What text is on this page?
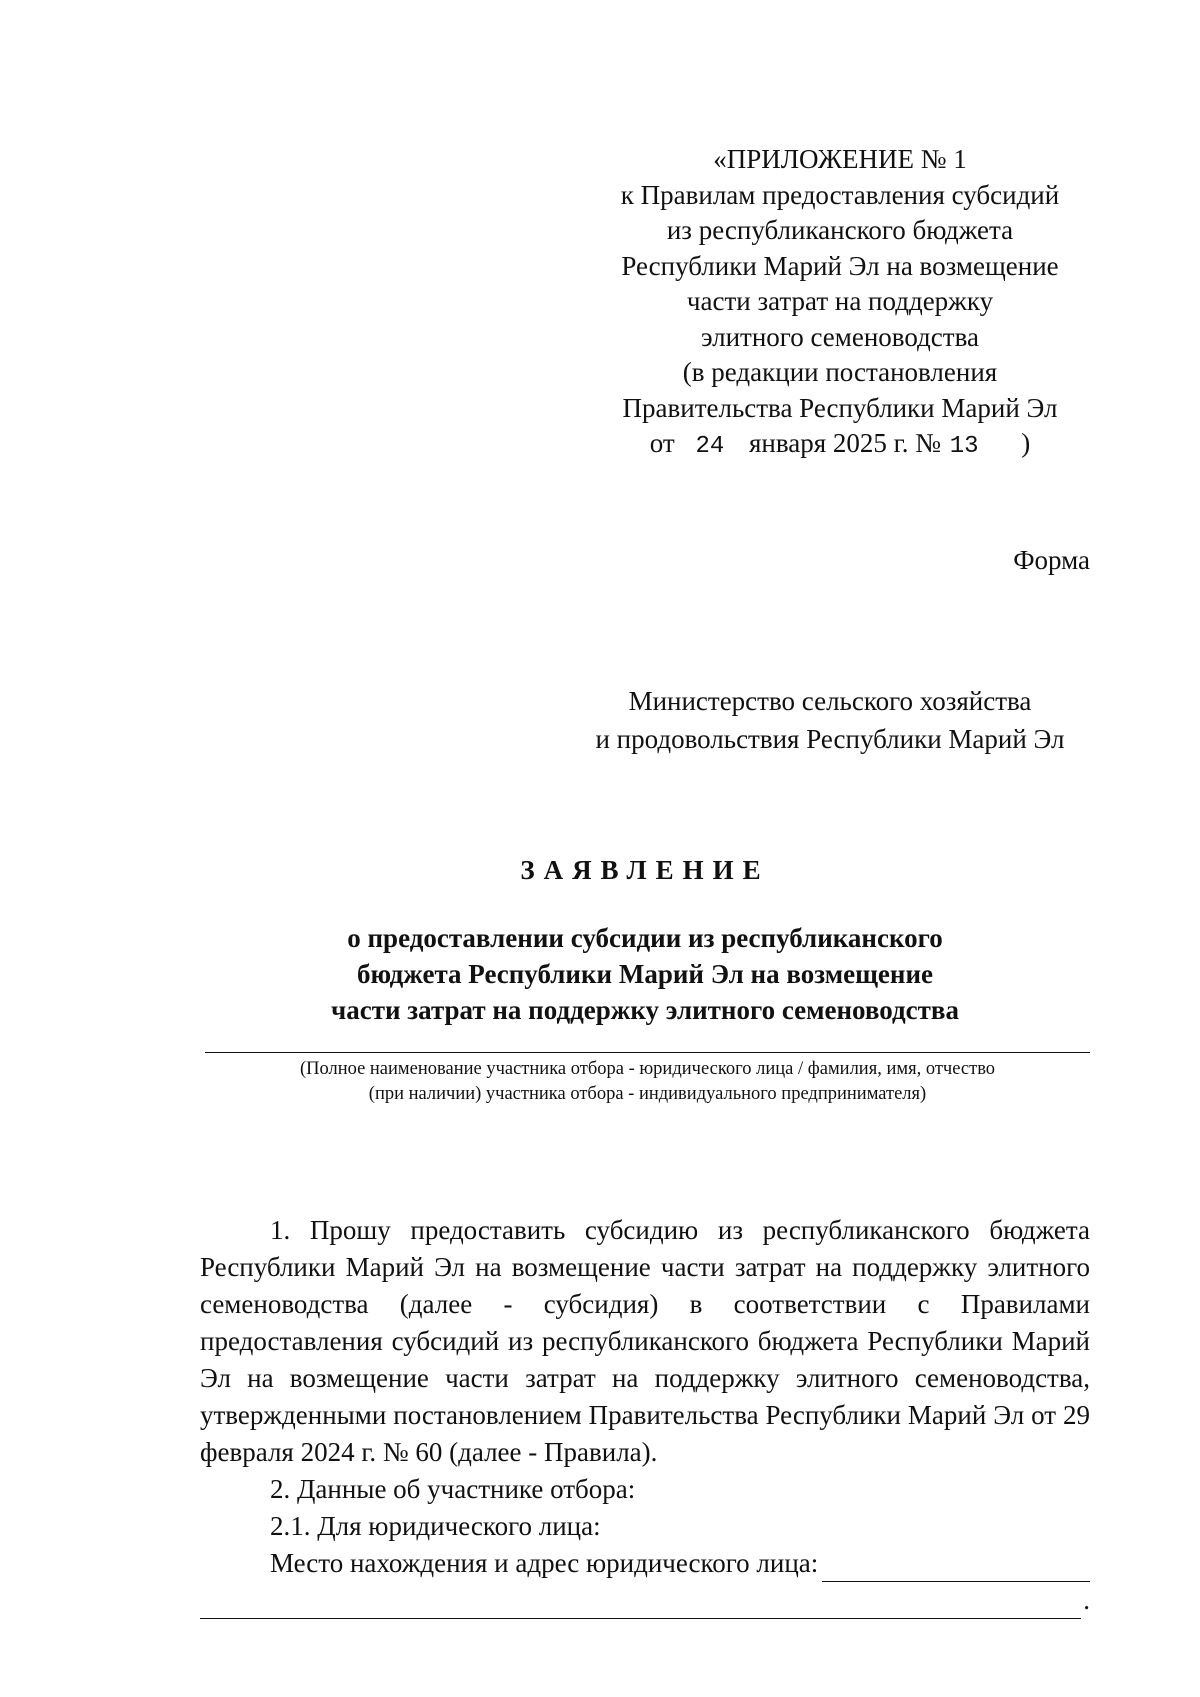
«ПРИЛОЖЕНИЕ № 1
к Правилам предоставления субсидий
из республиканского бюджета
Республики Марий Эл на возмещение
части затрат на поддержку
элитного семеноводства
(в редакции постановления
Правительства Республики Марий Эл
от 24 января 2025 г. № 13 )
Форма
Министерство сельского хозяйства
и продовольствия Республики Марий Эл
ЗАЯВЛЕНИЕ
о предоставлении субсидии из республиканского
бюджета Республики Марий Эл на возмещение
части затрат на поддержку элитного семеноводства
(Полное наименование участника отбора - юридического лица / фамилия, имя, отчество
(при наличии) участника отбора - индивидуального предпринимателя)

1. Прошу предоставить субсидию из республиканского бюджета Республики Марий Эл на возмещение части затрат на поддержку элитного семеноводства (далее - субсидия) в соответствии с Правилами предоставления субсидий из республиканского бюджета Республики Марий Эл на возмещение части затрат на поддержку элитного семеноводства, утвержденными постановлением Правительства Республики Марий Эл от 29 февраля 2024 г. № 60 (далее - Правила).

2. Данные об участнике отбора:

2.1. Для юридического лица:

Место нахождения и адрес юридического лица:
.
